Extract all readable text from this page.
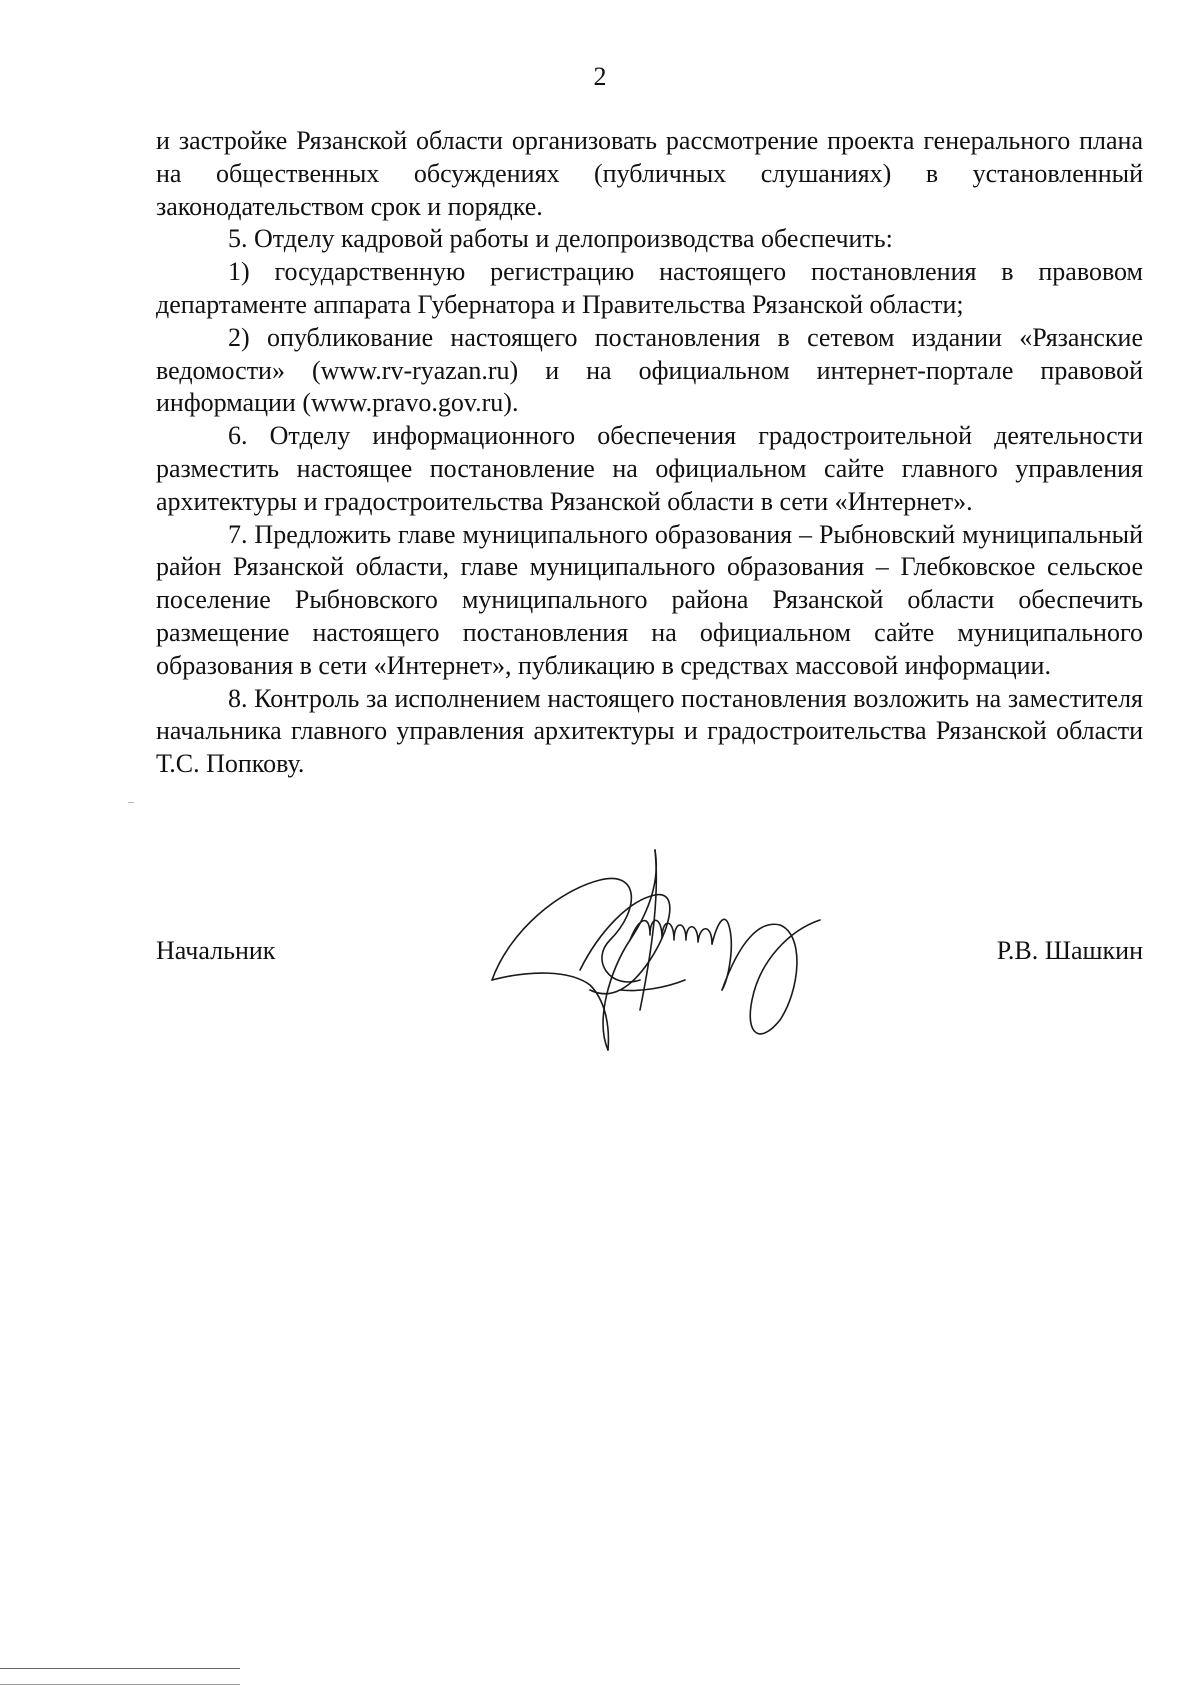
2

и застройке Рязанской области организовать рассмотрение проекта генерального плана на общественных обсуждениях (публичных слушаниях) в установленный законодательством срок и порядке.

5. Отделу кадровой работы и делопроизводства обеспечить:

1) государственную регистрацию настоящего постановления в правовом департаменте аппарата Губернатора и Правительства Рязанской области;

2) опубликование настоящего постановления в сетевом издании «Рязанские ведомости» (www.rv-ryazan.ru) и на официальном интернет-портале правовой информации (www.pravo.gov.ru).

6. Отделу информационного обеспечения градостроительной деятельности разместить настоящее постановление на официальном сайте главного управления архитектуры и градостроительства Рязанской области в сети «Интернет».

7. Предложить главе муниципального образования – Рыбновский муниципальный район Рязанской области, главе муниципального образования – Глебковское сельское поселение Рыбновского муниципального района Рязанской области обеспечить размещение настоящего постановления на официальном сайте муниципального образования в сети «Интернет», публикацию в средствах массовой информации.

8. Контроль за исполнением настоящего постановления возложить на заместителя начальника главного управления архитектуры и градостроительства Рязанской области Т.С. Попкову.

Начальник	Р.В. Шашкин
